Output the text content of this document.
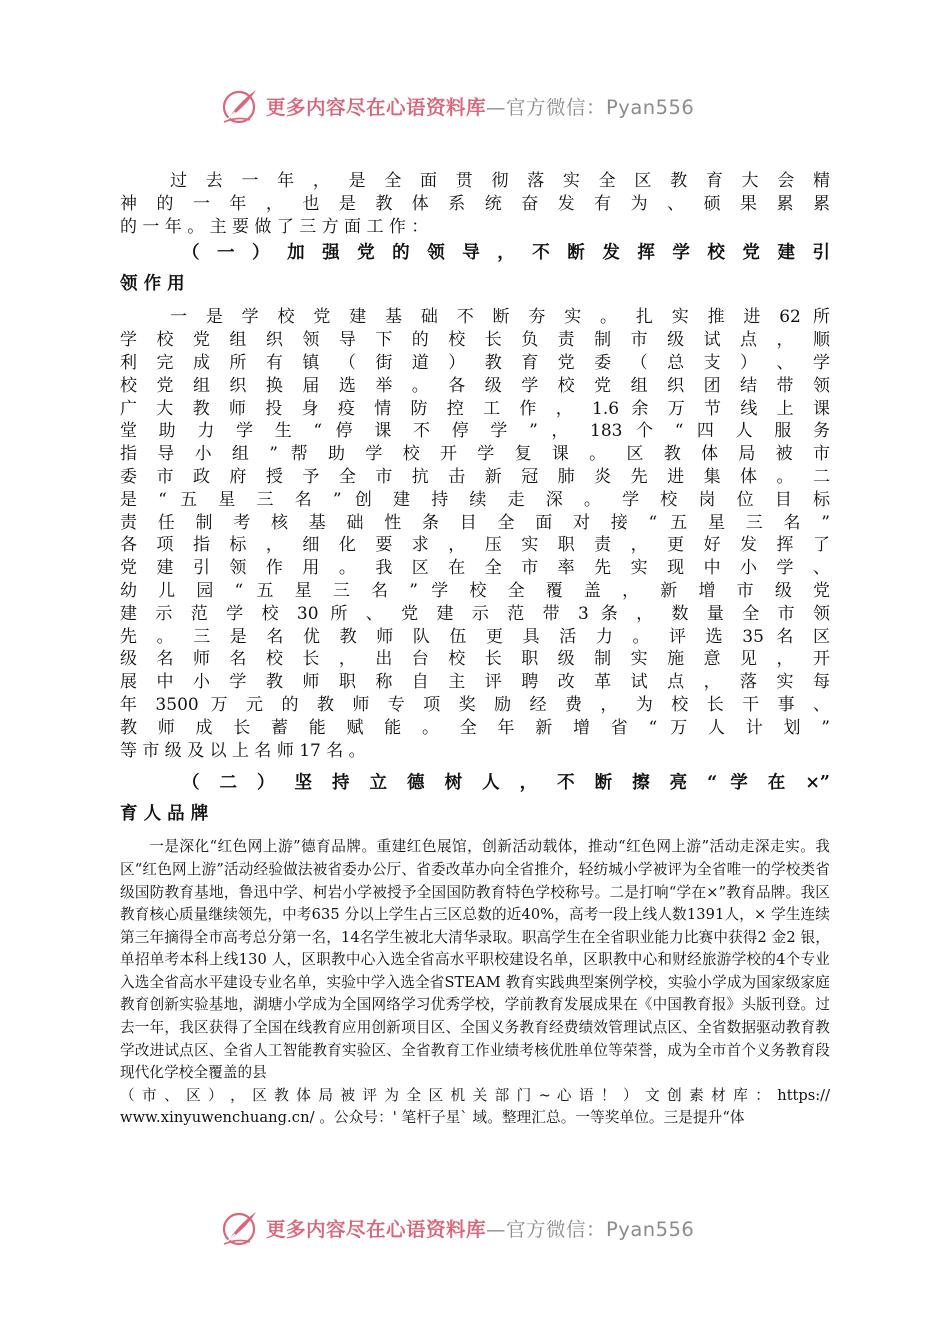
更多内容尽在心语资料库—官方微信：Pyan556

过 去 一 年 ， 是 全 面 贯 彻 落 实 全 区 教 育 大 会 精

神 的 一 年 ， 也 是 教 体 系 统 奋 发 有 为 、 硕 果 累 累

的 一 年 。 主 要 做 了 三 方 面 工 作 ：

（ 一 ） 加 强 党 的 领 导 ， 不 断 发 挥 学 校 党 建 引

领 作 用

一 是 学 校 党 建 基 础 不 断 夯 实 。 扎 实 推 进 62 所

学 校 党 组 织 领 导 下 的 校 长 负 责 制 市 级 试 点 ， 顺

利 完 成 所 有 镇 （ 街 道 ） 教 育 党 委 （ 总 支 ） 、 学

校 党 组 织 换 届 选 举 。 各 级 学 校 党 组 织 团 结 带 领

广 大 教 师 投 身 疫 情 防 控 工 作 ， 1.6 余 万 节 线 上 课

堂 助 力 学 生 “ 停 课 不 停 学 ” ， 183 个 “ 四 人 服 务

指 导 小 组 ” 帮 助 学 校 开 学 复 课 。 区 教 体 局 被 市

委 市 政 府 授 予 全 市 抗 击 新 冠 肺 炎 先 进 集 体 。 二

是 “ 五 星 三 名 ” 创 建 持 续 走 深 。 学 校 岗 位 目 标

责 任 制 考 核 基 础 性 条 目 全 面 对 接 “ 五 星 三 名 ”

各 项 指 标 ， 细 化 要 求 ， 压 实 职 责 ， 更 好 发 挥 了

党 建 引 领 作 用 。 我 区 在 全 市 率 先 实 现 中 小 学 、

幼 儿 园 “ 五 星 三 名 ” 学 校 全 覆 盖 ， 新 增 市 级 党

建 示 范 学 校 30 所 、 党 建 示 范 带 3 条 ， 数 量 全 市 领

先 。 三 是 名 优 教 师 队 伍 更 具 活 力 。 评 选 35 名 区

级 名 师 名 校 长 ， 出 台 校 长 职 级 制 实 施 意 见 ， 开

展 中 小 学 教 师 职 称 自 主 评 聘 改 革 试 点 ， 落 实 每

年 3500 万 元 的 教 师 专 项 奖 励 经 费 ， 为 校 长 干 事 、

教 师 成 长 蓄 能 赋 能 。 全 年 新 增 省 “ 万 人 计 划 ”

等 市 级 及 以 上 名 师 17 名 。

（ 二 ） 坚 持 立 德 树 人 ， 不 断 擦 亮 “ 学 在 ×”

育 人 品 牌

一是深化“红色网上游”德育品牌。重建红色展馆，创新活动载体，推动“红色网上游”活动走深走实。我区“红色网上游”活动经验做法被省委办公厅、省委改革办向全省推介，轻纺城小学被评为全省唯一的学校类省级国防教育基地，鲁迅中学、柯岩小学被授予全国国防教育特色学校称号。二是打响“学在×”教育品牌。我区教育核心质量继续领先，中考635 分以上学生占三区总数的近40%，高考一段上线人数1391人，× 学生连续第三年摘得全市高考总分第一名，14名学生被北大清华录取。职高学生在全省职业能力比赛中获得2 金2 银，单招单考本科上线130 人，区职教中心入选全省高水平职校建设名单，区职教中心和财经旅游学校的4个专业入选全省高水平建设专业名单，实验中学入选全省STEAM 教育实践典型案例学校，实验小学成为国家级家庭教育创新实验基地，湖塘小学成为全国网络学习优秀学校，学前教育发展成果在《中国教育报》头版刊登。过去一年，我区获得了全国在线教育应用创新项目区、全国义务教育经费绩效管理试点区、全省数据驱动教育教学改进试点区、全省人工智能教育实验区、全省教育工作业绩考核优胜单位等荣誉，成为全市首个义务教育段现代化学校全覆盖的县

（ 市 、 区 ） ， 区 教 体 局 被 评 为 全 区 机 关 部 门 ~ 心 语 ！ ） 文 创 素 材 库 ： https://

www.xinyuwenchuang.cn/ 。公众号：' 笔杆子星` 域。整理汇总。一等奖单位。三是提升“体

更多内容尽在心语资料库—官方微信：Pyan556
